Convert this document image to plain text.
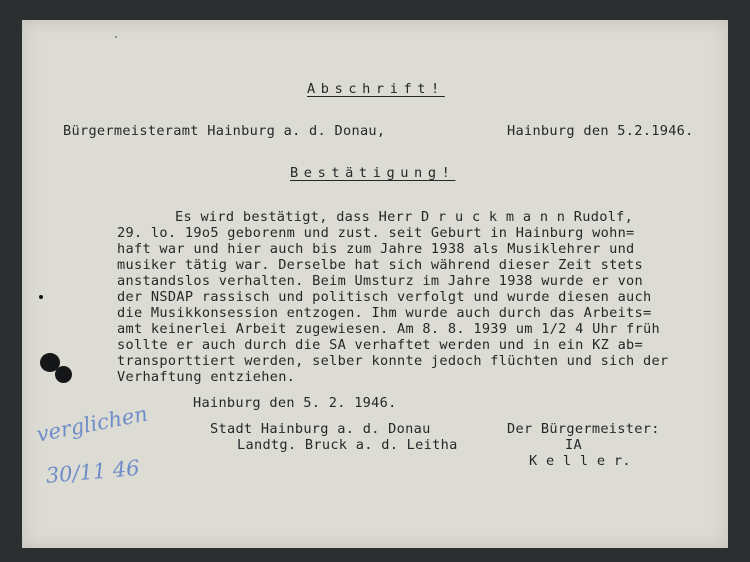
Abschrift!
Bürgermeisteramt Hainburg a. d. Donau,	Hainburg den 5.2.1946.
Bestätigung!
Es wird bestätigt, dass Herr D r u c k m a n n Rudolf,
29. lo. 19o5 geborenm und zust. seit Geburt in Hainburg wohn=
haft war und hier auch bis zum Jahre 1938 als Musiklehrer und
musiker tätig war. Derselbe hat sich während dieser Zeit stets
anstandslos verhalten. Beim Umsturz im Jahre 1938 wurde er von
der NSDAP rassisch und politisch verfolgt und wurde diesen auch
die Musikkonsession entzogen. Ihm wurde auch durch das Arbeits=
amt keinerlei Arbeit zugewiesen. Am 8. 8. 1939 um 1/2 4 Uhr früh
sollte er auch durch die SA verhaftet werden und in ein KZ ab=
transporttiert werden, selber konnte jedoch flüchten und sich der
Verhaftung entziehen.
Hainburg den 5. 2. 1946.
Stadt Hainburg a. d. Donau
Landtg. Bruck a. d. Leitha
Der Bürgermeister:
IA
K e l l e r.
verglichen
30/11 46
